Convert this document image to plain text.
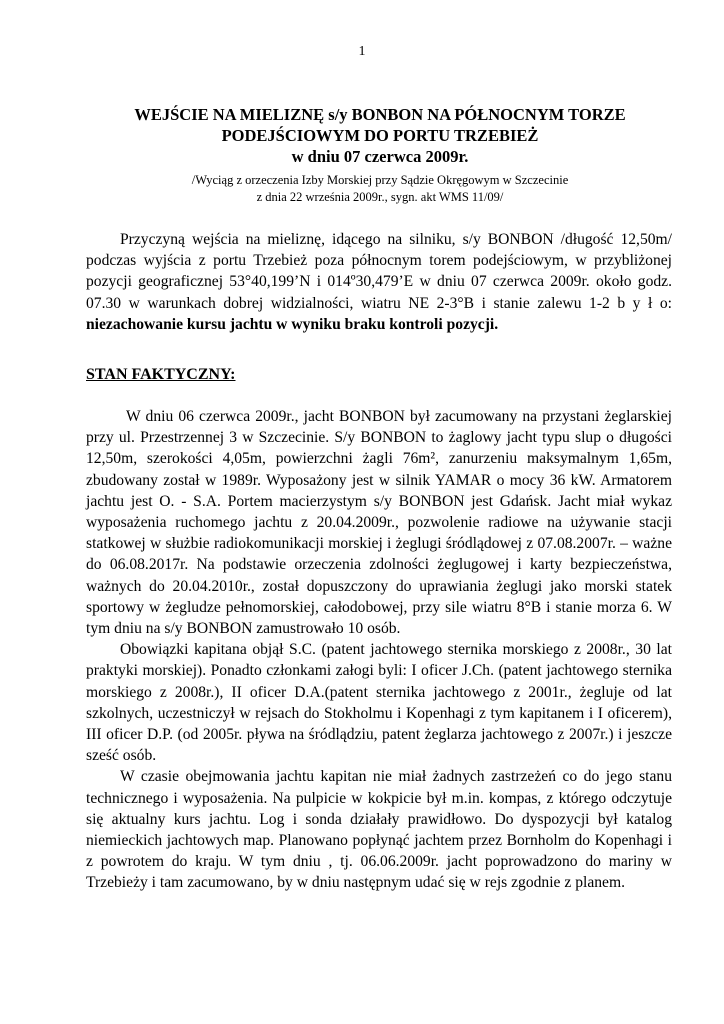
1
WEJŚCIE NA MIELIZNĘ s/y BONBON NA PÓŁNOCNYM TORZE
PODEJŚCIOWYM DO PORTU TRZEBIEŻ
w dniu 07 czerwca 2009r.
/Wyciąg z orzeczenia Izby Morskiej przy Sądzie Okręgowym w Szczecinie
z dnia 22 września 2009r., sygn. akt WMS 11/09/

Przyczyną wejścia na mieliznę, idącego na silniku, s/y BONBON /długość 12,50m/ podczas wyjścia z portu Trzebież poza północnym torem podejściowym, w przybliżonej pozycji geograficznej 53°40,199’N i 014º30,479’E w dniu 07 czerwca 2009r. około godz. 07.30 w warunkach dobrej widzialności, wiatru NE 2-3°B i stanie zalewu 1-2 b y ł o: niezachowanie kursu jachtu w wyniku braku kontroli pozycji.

STAN FAKTYCZNY:

W dniu 06 czerwca 2009r., jacht BONBON był zacumowany na przystani żeglarskiej przy ul. Przestrzennej 3 w Szczecinie. S/y BONBON to żaglowy jacht typu slup o długości 12,50m, szerokości 4,05m, powierzchni żagli 76m², zanurzeniu maksymalnym 1,65m, zbudowany został w 1989r. Wyposażony jest w silnik YAMAR o mocy 36 kW. Armatorem jachtu jest O. - S.A. Portem macierzystym s/y BONBON jest Gdańsk. Jacht miał wykaz wyposażenia ruchomego jachtu z 20.04.2009r., pozwolenie radiowe na używanie stacji statkowej w służbie radiokomunikacji morskiej i żeglugi śródlądowej z 07.08.2007r. – ważne do 06.08.2017r. Na podstawie orzeczenia zdolności żeglugowej i karty bezpieczeństwa, ważnych do 20.04.2010r., został dopuszczony do uprawiania żeglugi jako morski statek sportowy w żegludze pełnomorskiej, całodobowej, przy sile wiatru 8°B i stanie morza 6. W tym dniu na s/y BONBON zamustrowało 10 osób.

Obowiązki kapitana objął S.C. (patent jachtowego sternika morskiego z 2008r., 30 lat praktyki morskiej). Ponadto członkami załogi byli: I oficer J.Ch. (patent jachtowego sternika morskiego z 2008r.), II oficer D.A.(patent sternika jachtowego z 2001r., żegluje od lat szkolnych, uczestniczył w rejsach do Stokholmu i Kopenhagi z tym kapitanem i I oficerem), III oficer D.P. (od 2005r. pływa na śródlądziu, patent żeglarza jachtowego z 2007r.) i jeszcze sześć osób.

W czasie obejmowania jachtu kapitan nie miał żadnych zastrzeżeń co do jego stanu technicznego i wyposażenia. Na pulpicie w kokpicie był m.in. kompas, z którego odczytuje się aktualny kurs jachtu. Log i sonda działały prawidłowo. Do dyspozycji był katalog niemieckich jachtowych map. Planowano popłynąć jachtem przez Bornholm do Kopenhagi i z powrotem do kraju. W tym dniu , tj. 06.06.2009r. jacht poprowadzono do mariny w Trzebieży i tam zacumowano, by w dniu następnym udać się w rejs zgodnie z planem.
